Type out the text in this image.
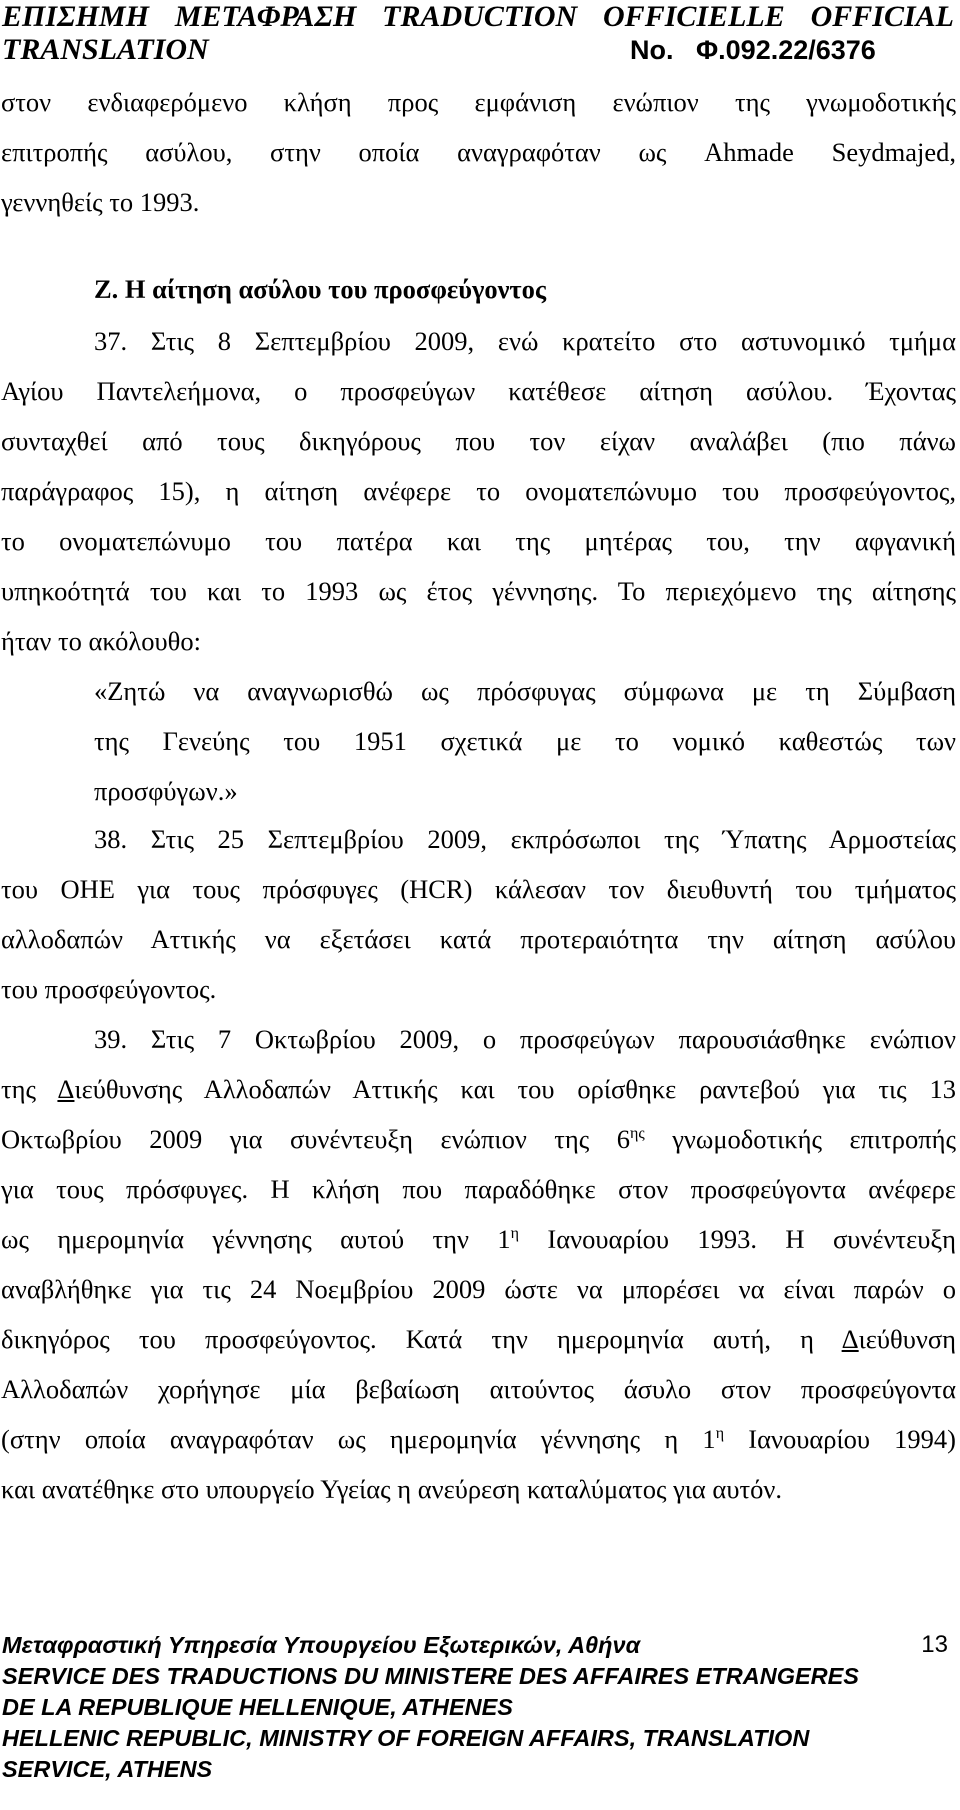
ΕΠΙΣΗΜΗ ΜΕΤΑΦΡΑΣΗ TRADUCTION OFFICIELLE OFFICIAL
TRANSLATION	No.   Φ.092.22/6376
στον ενδιαφερόμενο κλήση προς εμφάνιση ενώπιον της γνωμοδοτικής
επιτροπής ασύλου, στην οποία αναγραφόταν ως Ahmade Seydmajed,
γεννηθείς το 1993.
Ζ. Η αίτηση ασύλου του προσφεύγοντος
37. Στις 8 Σεπτεμβρίου 2009, ενώ κρατείτο στο αστυνομικό τμήμα
Αγίου Παντελεήμονα, ο προσφεύγων κατέθεσε αίτηση ασύλου. Έχοντας
συνταχθεί από τους δικηγόρους που τον είχαν αναλάβει (πιο πάνω
παράγραφος 15), η αίτηση ανέφερε το ονοματεπώνυμο του προσφεύγοντος,
το ονοματεπώνυμο του πατέρα και της μητέρας του, την αφγανική
υπηκοότητά του και το 1993 ως έτος γέννησης. Το περιεχόμενο της αίτησης
ήταν το ακόλουθο:
«Ζητώ να αναγνωρισθώ ως πρόσφυγας σύμφωνα με τη Σύμβαση
της Γενεύης του 1951 σχετικά με το νομικό καθεστώς των
προσφύγων.»
38. Στις 25 Σεπτεμβρίου 2009, εκπρόσωποι της Ύπατης Αρμοστείας
του ΟΗΕ για τους πρόσφυγες (HCR) κάλεσαν τον διευθυντή του τμήματος
αλλοδαπών Αττικής να εξετάσει κατά προτεραιότητα την αίτηση ασύλου
του προσφεύγοντος.
39. Στις 7 Οκτωβρίου 2009, ο προσφεύγων παρουσιάσθηκε ενώπιον
της Διεύθυνσης Αλλοδαπών Αττικής και του ορίσθηκε ραντεβού για τις 13
Οκτωβρίου 2009 για συνέντευξη ενώπιον της $6^{\eta\varsigma}$ γνωμοδοτικής επιτροπής
για τους πρόσφυγες. Η κλήση που παραδόθηκε στον προσφεύγοντα ανέφερε
ως ημερομηνία γέννησης αυτού την $1^\eta$ Ιανουαρίου 1993. Η συνέντευξη
αναβλήθηκε για τις 24 Νοεμβρίου 2009 ώστε να μπορέσει να είναι παρών ο
δικηγόρος του προσφεύγοντος. Κατά την ημερομηνία αυτή, η Διεύθυνση
Αλλοδαπών χορήγησε μία βεβαίωση αιτούντος άσυλο στον προσφεύγοντα
(στην οποία αναγραφόταν ως ημερομηνία γέννησης η $1^\eta$ Ιανουαρίου 1994)
και ανατέθηκε στο υπουργείο Υγείας η ανεύρεση καταλύματος για αυτόν.
Μεταφραστική Υπηρεσία Υπουργείου Εξωτερικών, Αθήνα	13
SERVICE DES TRADUCTIONS DU MINISTERE DES AFFAIRES ETRANGERES
DE LA REPUBLIQUE HELLENIQUE, ATHENES
HELLENIC REPUBLIC, MINISTRY OF FOREIGN AFFAIRS, TRANSLATION
SERVICE, ATHENS
